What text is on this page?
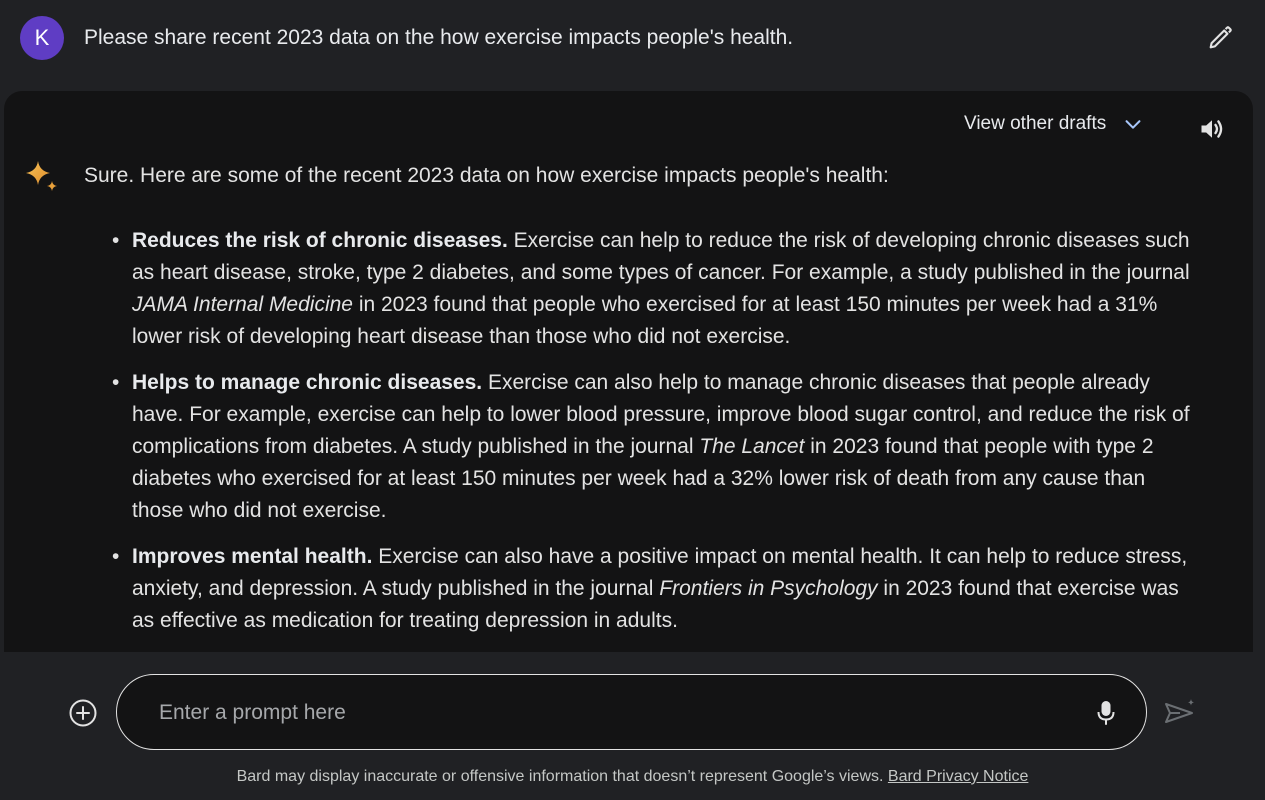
K Please share recent 2023 data on the how exercise impacts people's health.
View other drafts
Sure. Here are some of the recent 2023 data on how exercise impacts people's health:
• Reduces the risk of chronic diseases. Exercise can help to reduce the risk of developing chronic diseases such as heart disease, stroke, type 2 diabetes, and some types of cancer. For example, a study published in the journal JAMA Internal Medicine in 2023 found that people who exercised for at least 150 minutes per week had a 31% lower risk of developing heart disease than those who did not exercise.
• Helps to manage chronic diseases. Exercise can also help to manage chronic diseases that people already have. For example, exercise can help to lower blood pressure, improve blood sugar control, and reduce the risk of complications from diabetes. A study published in the journal The Lancet in 2023 found that people with type 2 diabetes who exercised for at least 150 minutes per week had a 32% lower risk of death from any cause than those who did not exercise.
• Improves mental health. Exercise can also have a positive impact on mental health. It can help to reduce stress, anxiety, and depression. A study published in the journal Frontiers in Psychology in 2023 found that exercise was as effective as medication for treating depression in adults.
Enter a prompt here
Bard may display inaccurate or offensive information that doesn’t represent Google’s views. Bard Privacy Notice
